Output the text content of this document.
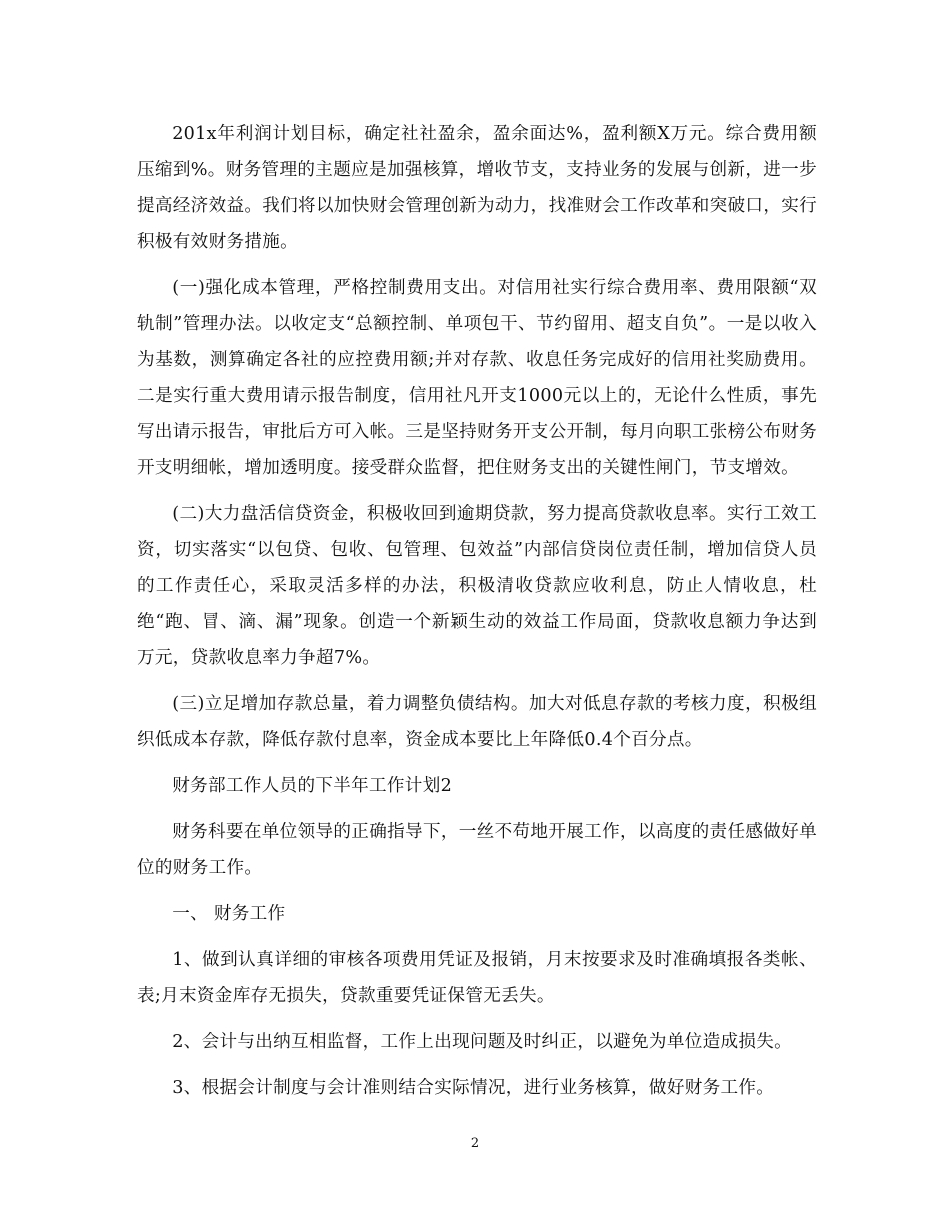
201x年利润计划目标，确定社社盈余，盈余面达%，盈利额X万元。综合费用额压缩到%。财务管理的主题应是加强核算，增收节支，支持业务的发展与创新，进一步提高经济效益。我们将以加快财会管理创新为动力，找准财会工作改革和突破口，实行积极有效财务措施。

(一)强化成本管理，严格控制费用支出。对信用社实行综合费用率、费用限额“双轨制”管理办法。以收定支“总额控制、单项包干、节约留用、超支自负”。一是以收入为基数，测算确定各社的应控费用额;并对存款、收息任务完成好的信用社奖励费用。二是实行重大费用请示报告制度，信用社凡开支1000元以上的，无论什么性质，事先写出请示报告，审批后方可入帐。三是坚持财务开支公开制，每月向职工张榜公布财务开支明细帐，增加透明度。接受群众监督，把住财务支出的关键性闸门，节支增效。

(二)大力盘活信贷资金，积极收回到逾期贷款，努力提高贷款收息率。实行工效工资，切实落实“以包贷、包收、包管理、包效益”内部信贷岗位责任制，增加信贷人员的工作责任心，采取灵活多样的办法，积极清收贷款应收利息，防止人情收息，杜绝“跑、冒、滴、漏”现象。创造一个新颖生动的效益工作局面，贷款收息额力争达到万元，贷款收息率力争超7%。

(三)立足增加存款总量，着力调整负债结构。加大对低息存款的考核力度，积极组织低成本存款，降低存款付息率，资金成本要比上年降低0.4个百分点。

财务部工作人员的下半年工作计划2

财务科要在单位领导的正确指导下，一丝不苟地开展工作，以高度的责任感做好单位的财务工作。

一、 财务工作

1、做到认真详细的审核各项费用凭证及报销，月末按要求及时准确填报各类帐、表;月末资金库存无损失，贷款重要凭证保管无丢失。

2、会计与出纳互相监督，工作上出现问题及时纠正，以避免为单位造成损失。

3、根据会计制度与会计准则结合实际情况，进行业务核算，做好财务工作。

2
